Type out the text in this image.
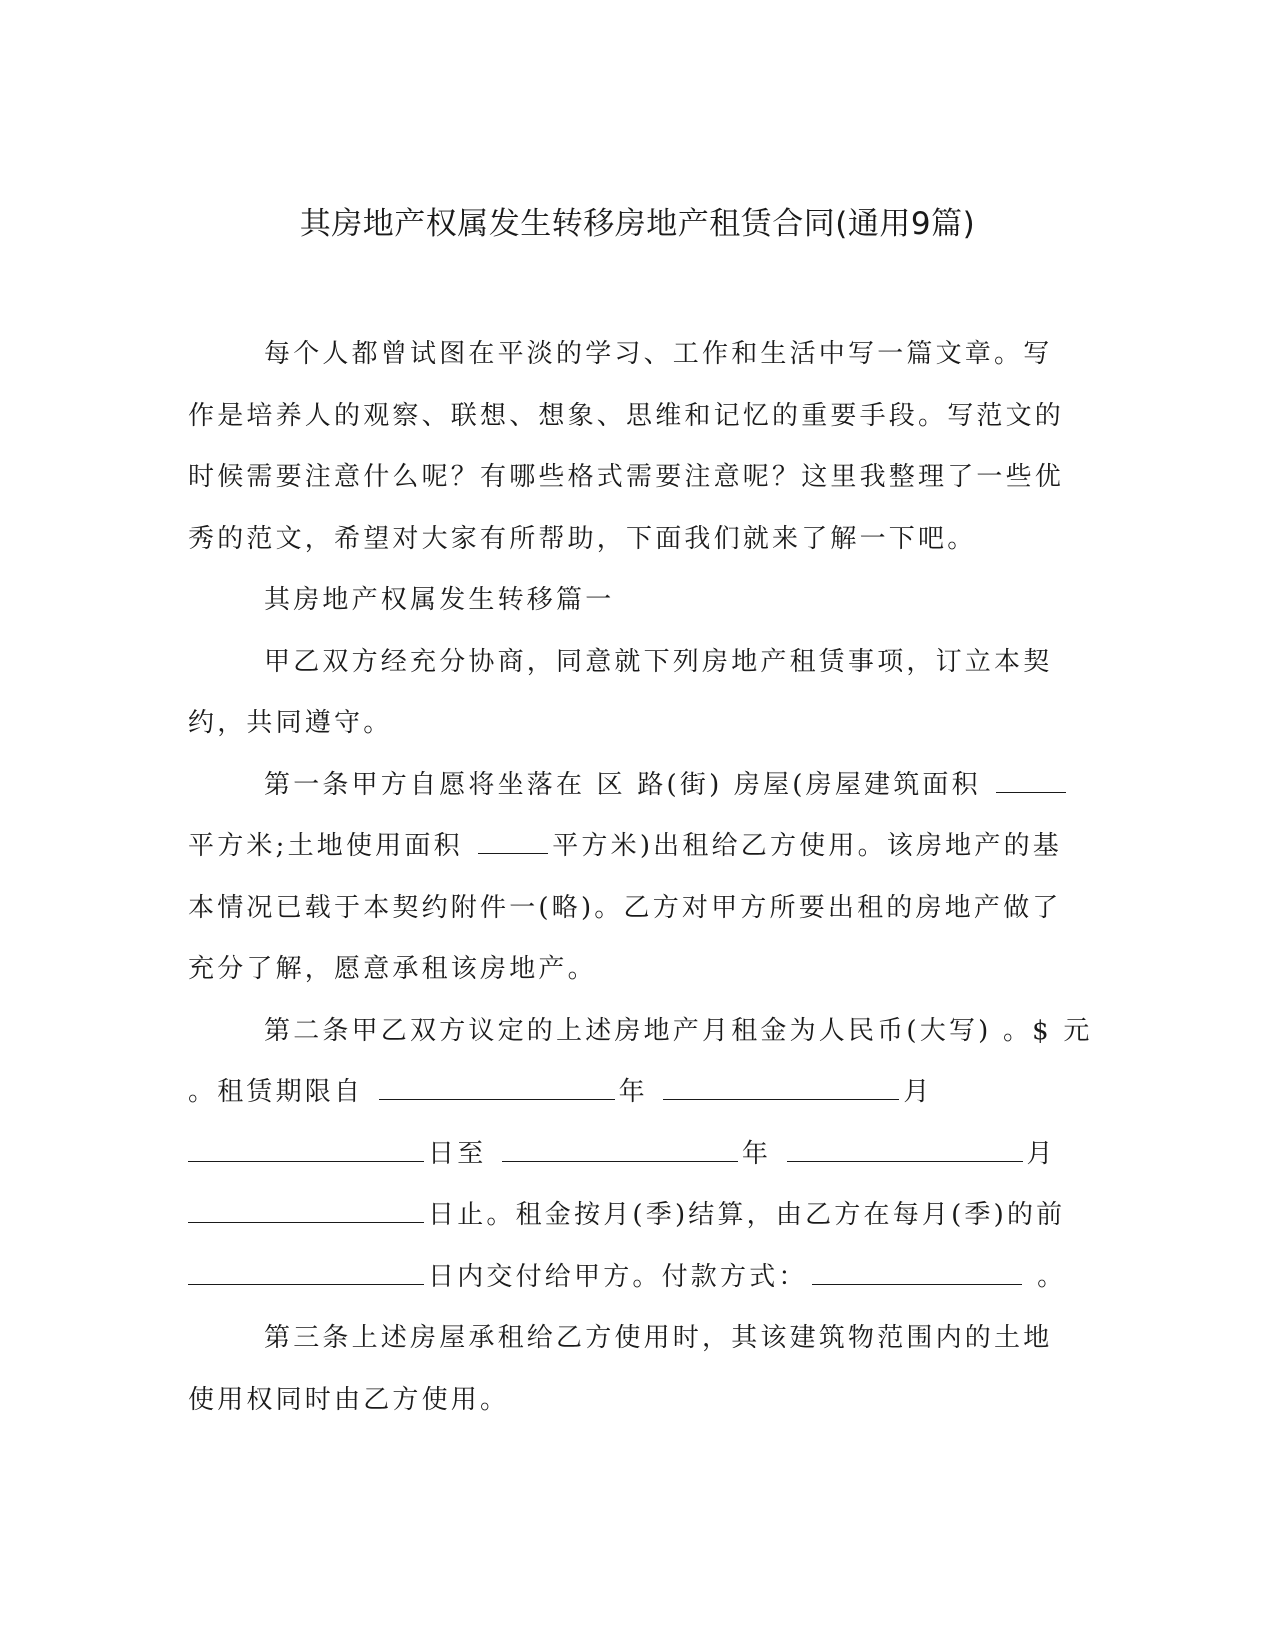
其房地产权属发生转移房地产租赁合同(通用9篇)

每个人都曾试图在平淡的学习、工作和生活中写一篇文章。写作是培养人的观察、联想、想象、思维和记忆的重要手段。写范文的时候需要注意什么呢？有哪些格式需要注意呢？这里我整理了一些优秀的范文，希望对大家有所帮助，下面我们就来了解一下吧。

其房地产权属发生转移篇一

甲乙双方经充分协商，同意就下列房地产租赁事项，订立本契约，共同遵守。

第一条甲方自愿将坐落在 区 路(街) 房屋(房屋建筑面积 平方米;土地使用面积	平方米)出租给乙方使用。该房地产的基本情况已载于本契约附件一(略)。乙方对甲方所要出租的房地产做了充分了解，愿意承租该房地产。

第二条甲乙双方议定的上述房地产月租金为人民币(大写) 。$ 元
。租赁期限自	年	月
日至	年	月
日止。租金按月(季)结算，由乙方在每月(季)的前
日内交付给甲方。付款方式：	。

第三条上述房屋承租给乙方使用时，其该建筑物范围内的土地使用权同时由乙方使用。
